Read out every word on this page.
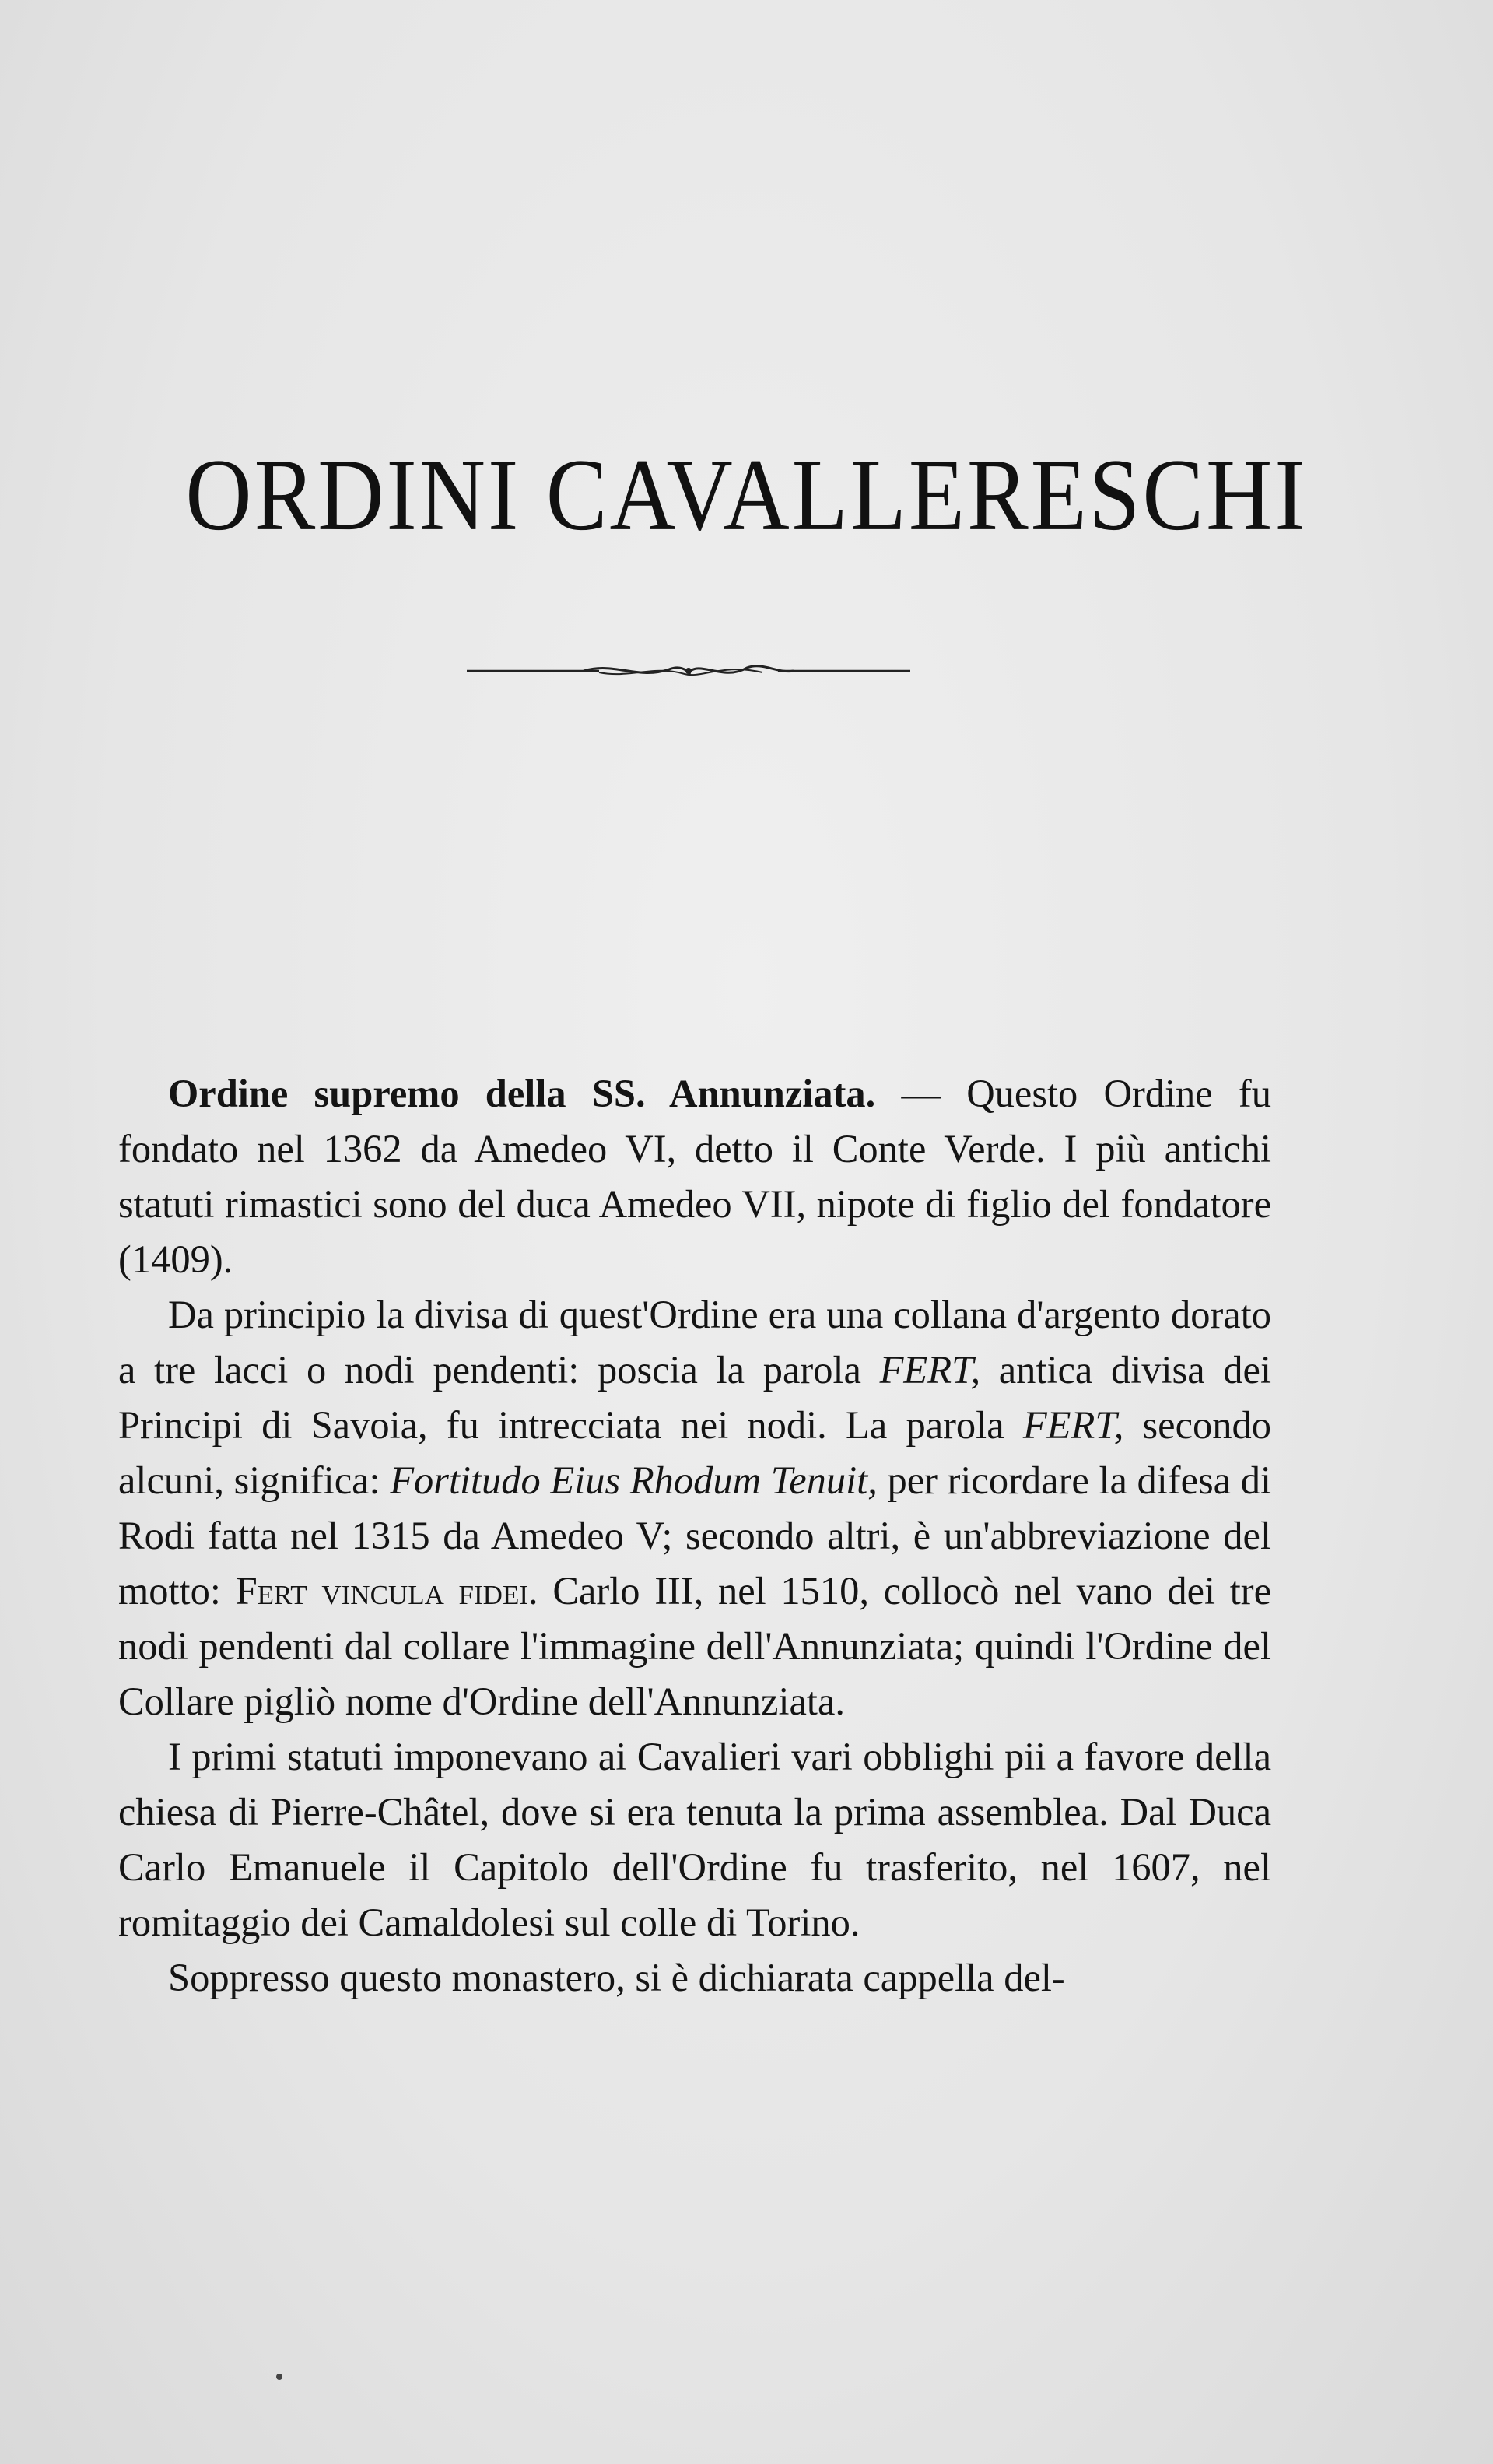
ORDINI CAVALLERESCHI

Ordine supremo della SS. Annunziata. — Questo Ordine fu fondato nel 1362 da Amedeo VI, detto il Conte Verde. I più antichi statuti rimastici sono del duca Amedeo VII, nipote di figlio del fondatore (1409).

Da principio la divisa di quest'Ordine era una collana d'argento dorato a tre lacci o nodi pendenti: poscia la parola FERT, antica divisa dei Principi di Savoia, fu intrecciata nei nodi. La parola FERT, secondo alcuni, significa: Fortitudo Eius Rhodum Tenuit, per ricordare la difesa di Rodi fatta nel 1315 da Amedeo V; secondo altri, è un'abbreviazione del motto: Fert vincula fidei. Carlo III, nel 1510, collocò nel vano dei tre nodi pendenti dal collare l'immagine dell'Annunziata; quindi l'Ordine del Collare pigliò nome d'Ordine dell'Annunziata.

I primi statuti imponevano ai Cavalieri vari obblighi pii a favore della chiesa di Pierre-Châtel, dove si era tenuta la prima assemblea. Dal Duca Carlo Emanuele il Capitolo dell'Ordine fu trasferito, nel 1607, nel romitaggio dei Camaldolesi sul colle di Torino.

Soppresso questo monastero, si è dichiarata cappella del-
